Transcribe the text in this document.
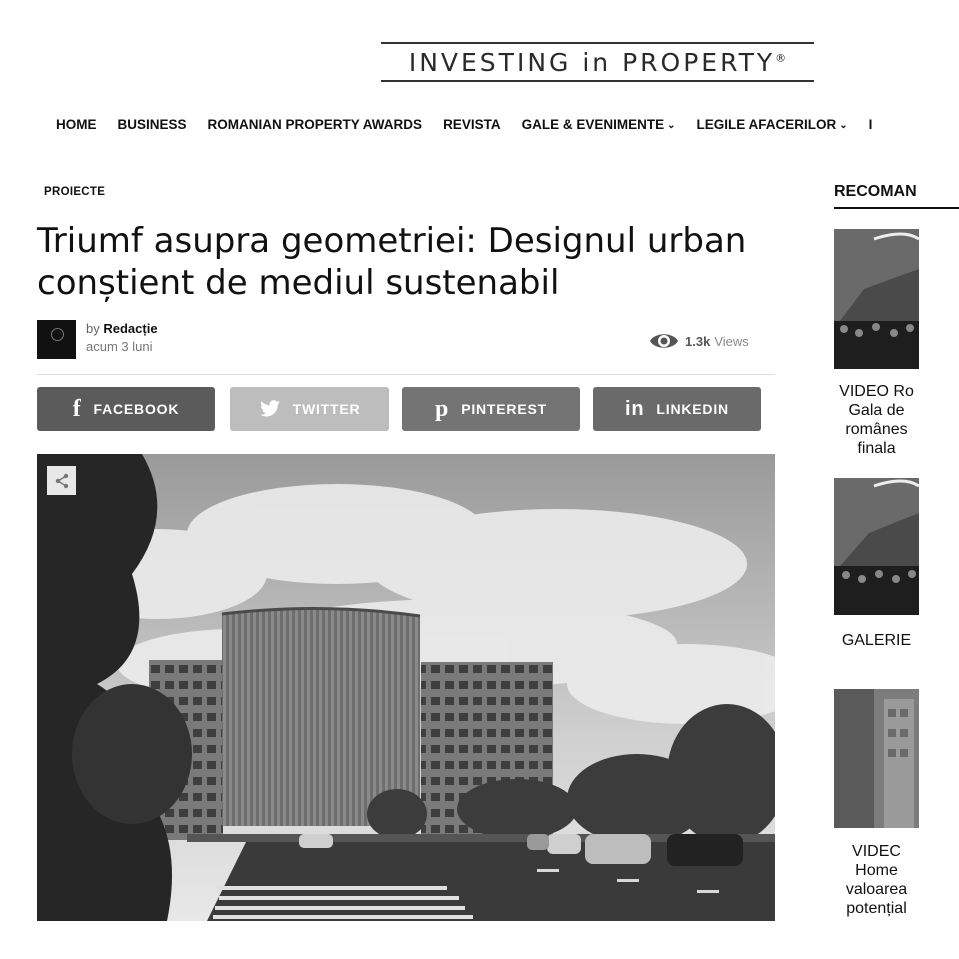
INVESTING in PROPERTY®
HOME BUSINESS ROMANIAN PROPERTY AWARDS REVISTA GALE & EVENIMENTE ⌄ LEGILE AFACERILOR ⌄ I
PROIECTE
Triumf asupra geometriei: Designul urban conștient de mediul sustenabil
by Redacție
acum 3 luni	1.3k Views
f FACEBOOK	TWITTER	p PINTEREST	in LINKEDIN
RECOMAN
VIDEO Ro
Gala de
românes
finala
GALERIE
VIDEC
Home
valoarea
potențial
